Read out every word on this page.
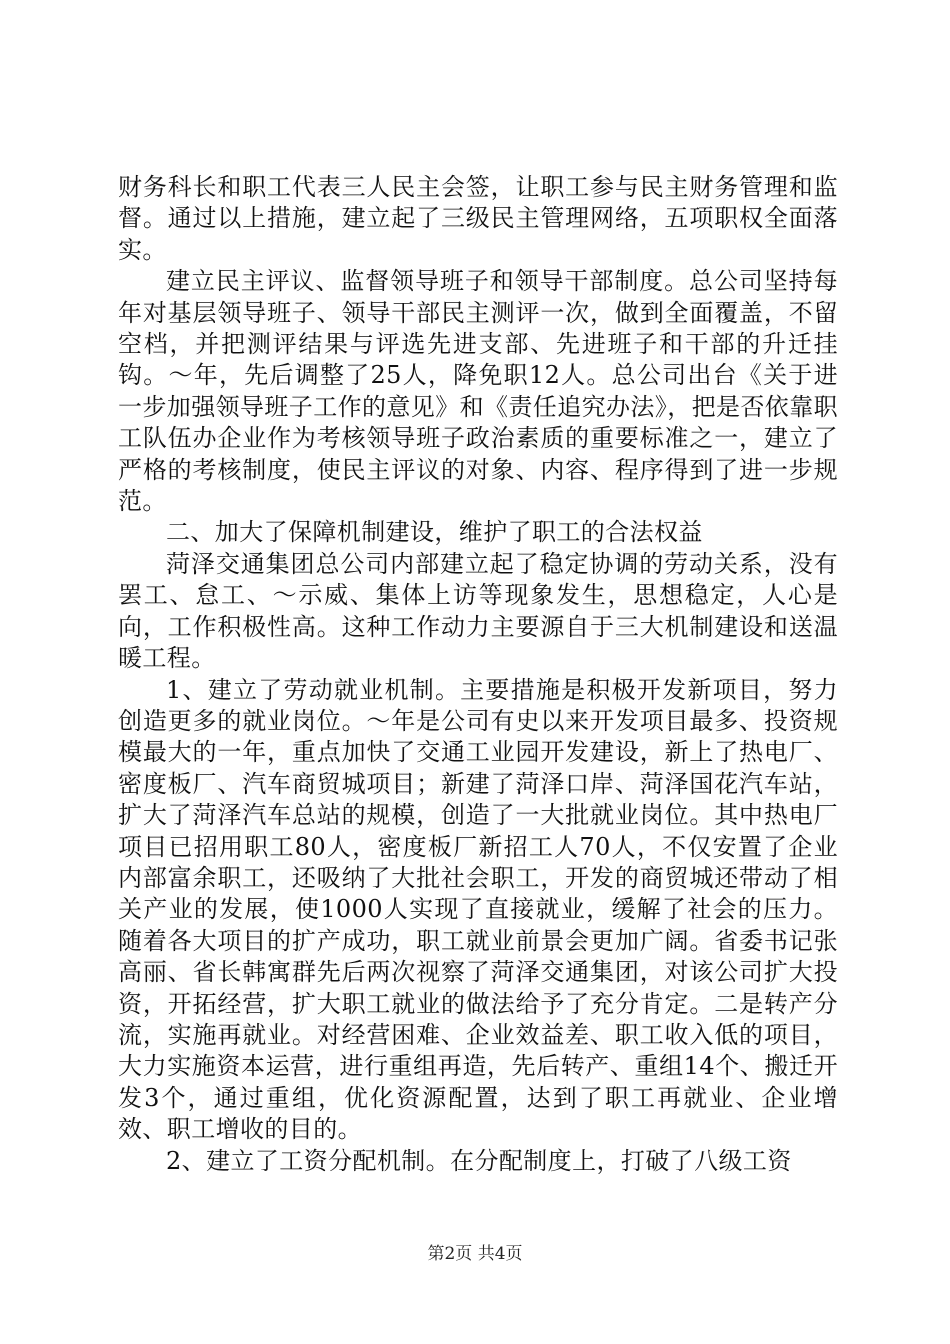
财务科长和职工代表三人民主会签，让职工参与民主财务管理和监督。通过以上措施，建立起了三级民主管理网络，五项职权全面落实。

建立民主评议、监督领导班子和领导干部制度。总公司坚持每年对基层领导班子、领导干部民主测评一次，做到全面覆盖，不留空档，并把测评结果与评选先进支部、先进班子和干部的升迁挂钩。～年，先后调整了25人，降免职12人。总公司出台《关于进一步加强领导班子工作的意见》和《责任追究办法》，把是否依靠职工队伍办企业作为考核领导班子政治素质的重要标准之一，建立了严格的考核制度，使民主评议的对象、内容、程序得到了进一步规范。

二、加大了保障机制建设，维护了职工的合法权益

菏泽交通集团总公司内部建立起了稳定协调的劳动关系，没有罢工、怠工、～示威、集体上访等现象发生，思想稳定，人心是向，工作积极性高。这种工作动力主要源自于三大机制建设和送温暖工程。

1、建立了劳动就业机制。主要措施是积极开发新项目，努力创造更多的就业岗位。～年是公司有史以来开发项目最多、投资规模最大的一年，重点加快了交通工业园开发建设，新上了热电厂、密度板厂、汽车商贸城项目；新建了菏泽口岸、菏泽国花汽车站，扩大了菏泽汽车总站的规模，创造了一大批就业岗位。其中热电厂项目已招用职工80人，密度板厂新招工人70人，不仅安置了企业内部富余职工，还吸纳了大批社会职工，开发的商贸城还带动了相关产业的发展，使1000人实现了直接就业，缓解了社会的压力。随着各大项目的扩产成功，职工就业前景会更加广阔。省委书记张高丽、省长韩寓群先后两次视察了菏泽交通集团，对该公司扩大投资，开拓经营，扩大职工就业的做法给予了充分肯定。二是转产分流，实施再就业。对经营困难、企业效益差、职工收入低的项目，大力实施资本运营，进行重组再造，先后转产、重组14个、搬迁开发3个，通过重组，优化资源配置，达到了职工再就业、企业增效、职工增收的目的。

2、建立了工资分配机制。在分配制度上，打破了八级工资

第2页 共4页
